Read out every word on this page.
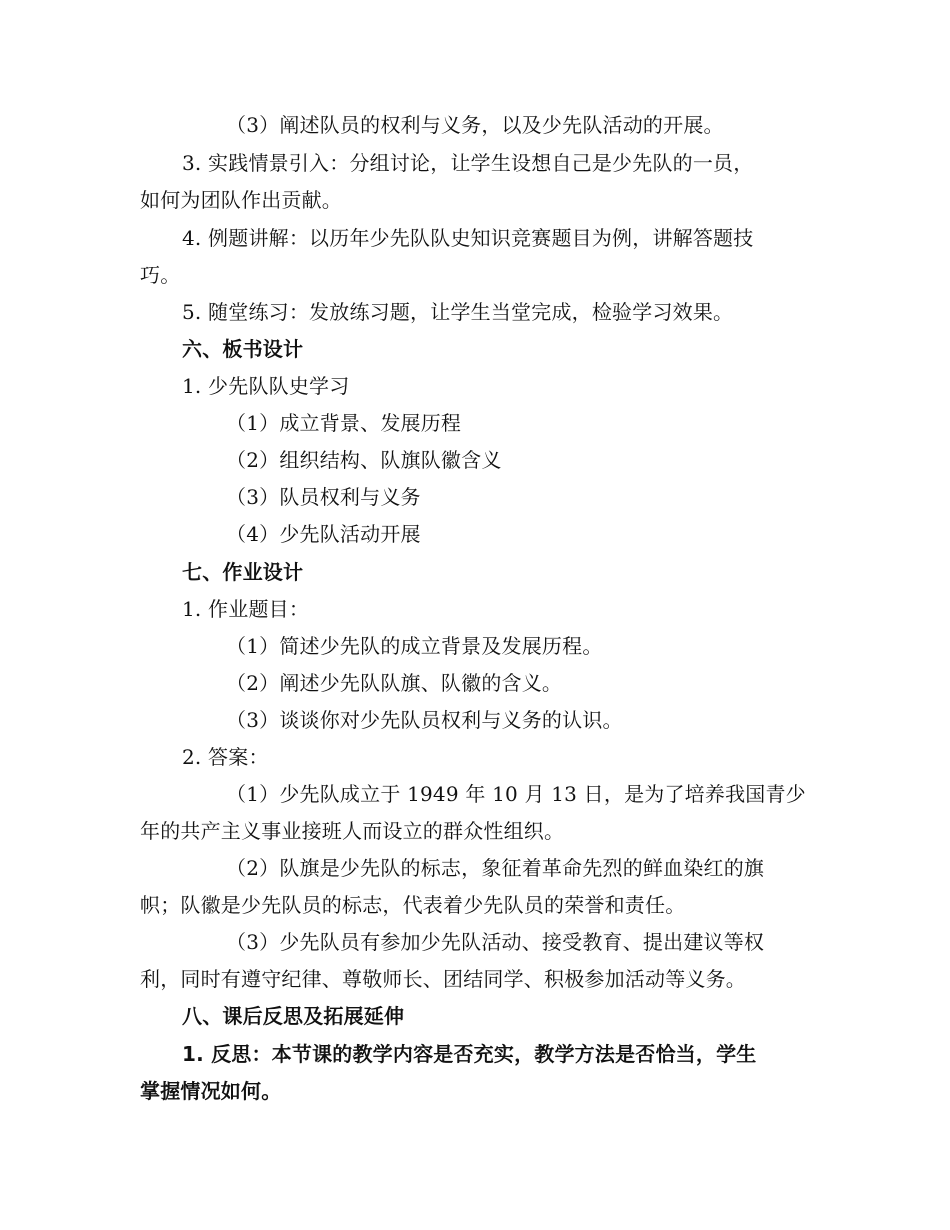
（3）阐述队员的权利与义务，以及少先队活动的开展。
3. 实践情景引入：分组讨论，让学生设想自己是少先队的一员，
如何为团队作出贡献。
4. 例题讲解：以历年少先队队史知识竞赛题目为例，讲解答题技
巧。
5. 随堂练习：发放练习题，让学生当堂完成，检验学习效果。
六、板书设计
1. 少先队队史学习
（1）成立背景、发展历程
（2）组织结构、队旗队徽含义
（3）队员权利与义务
（4）少先队活动开展
七、作业设计
1. 作业题目：
（1）简述少先队的成立背景及发展历程。
（2）阐述少先队队旗、队徽的含义。
（3）谈谈你对少先队员权利与义务的认识。
2. 答案：
（1）少先队成立于 1949 年 10 月 13 日，是为了培养我国青少
年的共产主义事业接班人而设立的群众性组织。
（2）队旗是少先队的标志，象征着革命先烈的鲜血染红的旗
帜；队徽是少先队员的标志，代表着少先队员的荣誉和责任。
（3）少先队员有参加少先队活动、接受教育、提出建议等权
利，同时有遵守纪律、尊敬师长、团结同学、积极参加活动等义务。
八、课后反思及拓展延伸
1. 反思：本节课的教学内容是否充实，教学方法是否恰当，学生
掌握情况如何。
